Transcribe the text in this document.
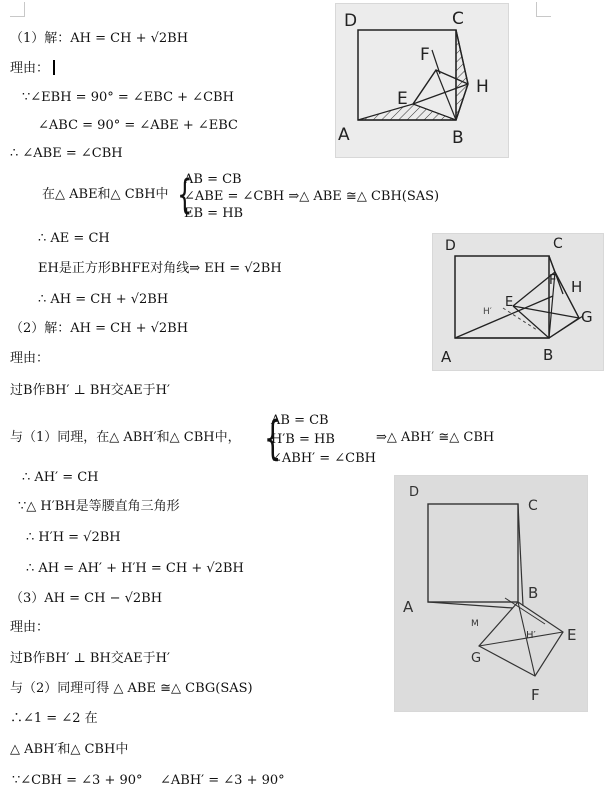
（1）解：AH = CH + √2BH
理由：
∵∠EBH = 90° = ∠EBC + ∠CBH
∠ABC = 90° = ∠ABE + ∠EBC
∴ ∠ABE = ∠CBH
在△ ABE和△ CBH中 {
AB = CB
∠ABE = ∠CBH ⇒△ ABE ≅△ CBH(SAS)
EB = HB
∴ AE = CH
EH是正方形BHFE对角线⇒ EH = √2BH
∴ AH = CH + √2BH
（2）解：AH = CH + √2BH
理由：
过B作BH′ ⊥ BH交AE于H′
与（1）同理，在△ ABH′和△ CBH中， {
AB = CB
H′B = HB
∠ABH′ = ∠CBH
⇒△ ABH′ ≅△ CBH
∴ AH′ = CH
∵△ H′BH是等腰直角三角形
∴ H′H = √2BH
∴ AH = AH′ + H′H = CH + √2BH
（3）AH = CH − √2BH
理由：
过B作BH′ ⊥ BH交AE于H′
与（2）同理可得 △ ABE ≅△ CBG(SAS)
∴∠1 = ∠2 在
△ ABH′和△ CBH中
∵∠CBH = ∠3 + 90° ∠ABH′ = ∠3 + 90°
D	C
F
E
H
A	B
D	C
F
E
H
H′	G
A	B
D
C
B
A
M
H′ E
G
F
